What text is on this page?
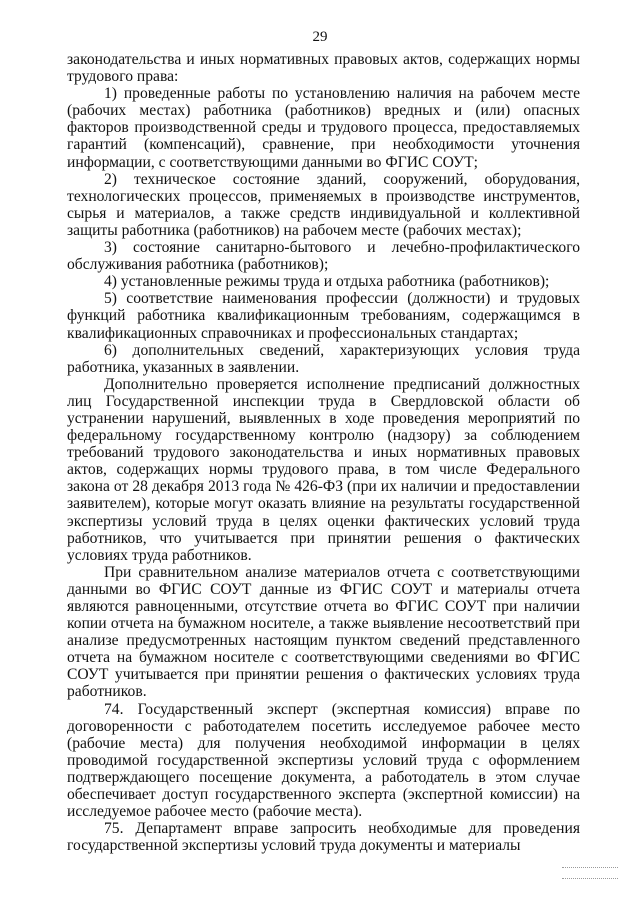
29

законодательства и иных нормативных правовых актов, содержащих нормы трудового права:

1) проведенные работы по установлению наличия на рабочем месте (рабочих местах) работника (работников) вредных и (или) опасных факторов производственной среды и трудового процесса, предоставляемых гарантий (компенсаций), сравнение, при необходимости уточнения информации, с соответствующими данными во ФГИС СОУТ;

2) техническое состояние зданий, сооружений, оборудования, технологических процессов, применяемых в производстве инструментов, сырья и материалов, а также средств индивидуальной и коллективной защиты работника (работников) на рабочем месте (рабочих местах);

3) состояние санитарно-бытового и лечебно-профилактического обслуживания работника (работников);

4) установленные режимы труда и отдыха работника (работников);

5) соответствие наименования профессии (должности) и трудовых функций работника квалификационным требованиям, содержащимся в квалификационных справочниках и профессиональных стандартах;

6) дополнительных сведений, характеризующих условия труда работника, указанных в заявлении.

Дополнительно проверяется исполнение предписаний должностных лиц Государственной инспекции труда в Свердловской области об устранении нарушений, выявленных в ходе проведения мероприятий по федеральному государственному контролю (надзору) за соблюдением требований трудового законодательства и иных нормативных правовых актов, содержащих нормы трудового права, в том числе Федерального закона от 28 декабря 2013 года № 426-ФЗ (при их наличии и предоставлении заявителем), которые могут оказать влияние на результаты государственной экспертизы условий труда в целях оценки фактических условий труда работников, что учитывается при принятии решения о фактических условиях труда работников.

При сравнительном анализе материалов отчета с соответствующими данными во ФГИС СОУТ данные из ФГИС СОУТ и материалы отчета являются равноценными, отсутствие отчета во ФГИС СОУТ при наличии копии отчета на бумажном носителе, а также выявление несоответствий при анализе предусмотренных настоящим пунктом сведений представленного отчета на бумажном носителе с соответствующими сведениями во ФГИС СОУТ учитывается при принятии решения о фактических условиях труда работников.

74. Государственный эксперт (экспертная комиссия) вправе по договоренности с работодателем посетить исследуемое рабочее место (рабочие места) для получения необходимой информации в целях проводимой государственной экспертизы условий труда с оформлением подтверждающего посещение документа, а работодатель в этом случае обеспечивает доступ государственного эксперта (экспертной комиссии) на исследуемое рабочее место (рабочие места).

75. Департамент вправе запросить необходимые для проведения государственной экспертизы условий труда документы и материалы
